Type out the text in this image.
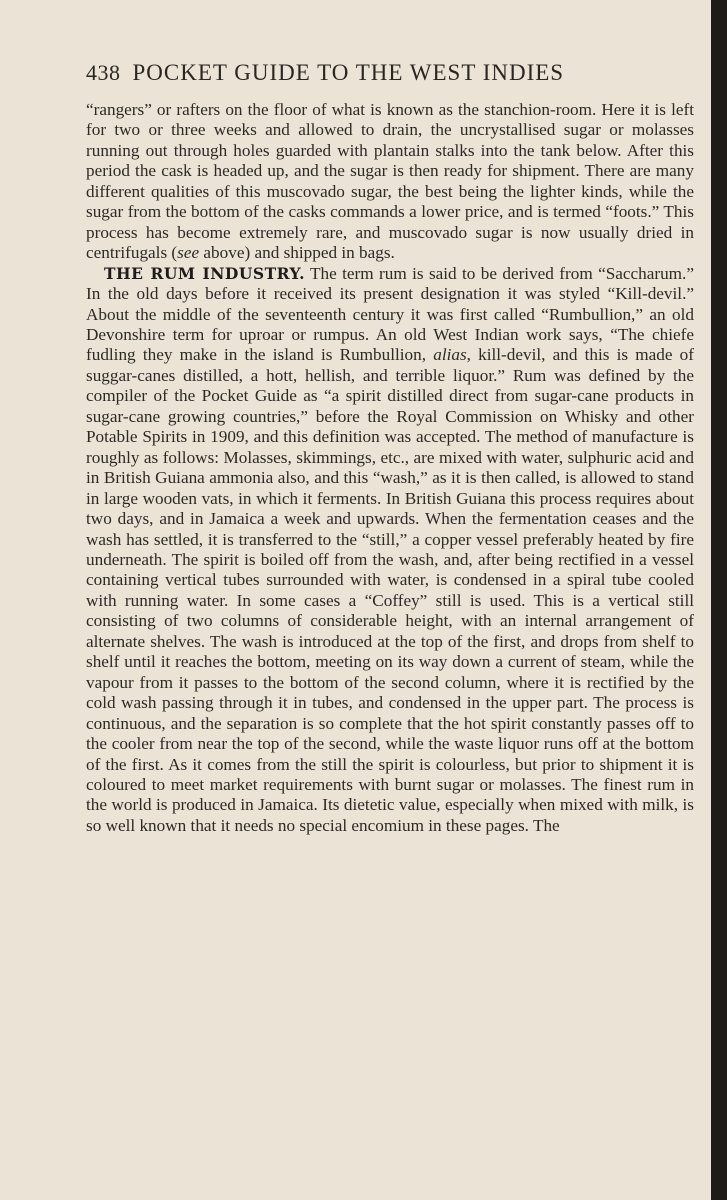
438 POCKET GUIDE TO THE WEST INDIES

“rangers” or rafters on the floor of what is known as the stanchion-room. Here it is left for two or three weeks and allowed to drain, the uncrystallised sugar or molasses running out through holes guarded with plantain stalks into the tank below. After this period the cask is headed up, and the sugar is then ready for shipment. There are many different qualities of this muscovado sugar, the best being the lighter kinds, while the sugar from the bottom of the casks commands a lower price, and is termed “foots.” This process has become extremely rare, and muscovado sugar is now usually dried in centrifugals (see above) and shipped in bags.

THE RUM INDUSTRY. The term rum is said to be derived from “Saccharum.” In the old days before it received its present designation it was styled “Kill-devil.” About the middle of the seventeenth century it was first called “Rumbullion,” an old Devonshire term for uproar or rumpus. An old West Indian work says, “The chiefe fudling they make in the island is Rumbullion, alias, kill-devil, and this is made of suggar-canes distilled, a hott, hellish, and terrible liquor.” Rum was defined by the compiler of the Pocket Guide as “a spirit distilled direct from sugar-cane products in sugar-cane growing countries,” before the Royal Commission on Whisky and other Potable Spirits in 1909, and this definition was accepted. The method of manufacture is roughly as follows: Molasses, skimmings, etc., are mixed with water, sulphuric acid and in British Guiana ammonia also, and this “wash,” as it is then called, is allowed to stand in large wooden vats, in which it ferments. In British Guiana this process requires about two days, and in Jamaica a week and upwards. When the fermentation ceases and the wash has settled, it is transferred to the “still,” a copper vessel preferably heated by fire underneath. The spirit is boiled off from the wash, and, after being rectified in a vessel containing vertical tubes surrounded with water, is condensed in a spiral tube cooled with running water. In some cases a “Coffey” still is used. This is a vertical still consisting of two columns of considerable height, with an internal arrangement of alternate shelves. The wash is introduced at the top of the first, and drops from shelf to shelf until it reaches the bottom, meeting on its way down a current of steam, while the vapour from it passes to the bottom of the second column, where it is rectified by the cold wash passing through it in tubes, and condensed in the upper part. The process is continuous, and the separation is so complete that the hot spirit constantly passes off to the cooler from near the top of the second, while the waste liquor runs off at the bottom of the first. As it comes from the still the spirit is colourless, but prior to shipment it is coloured to meet market requirements with burnt sugar or molasses. The finest rum in the world is produced in Jamaica. Its dietetic value, especially when mixed with milk, is so well known that it needs no special encomium in these pages. The
